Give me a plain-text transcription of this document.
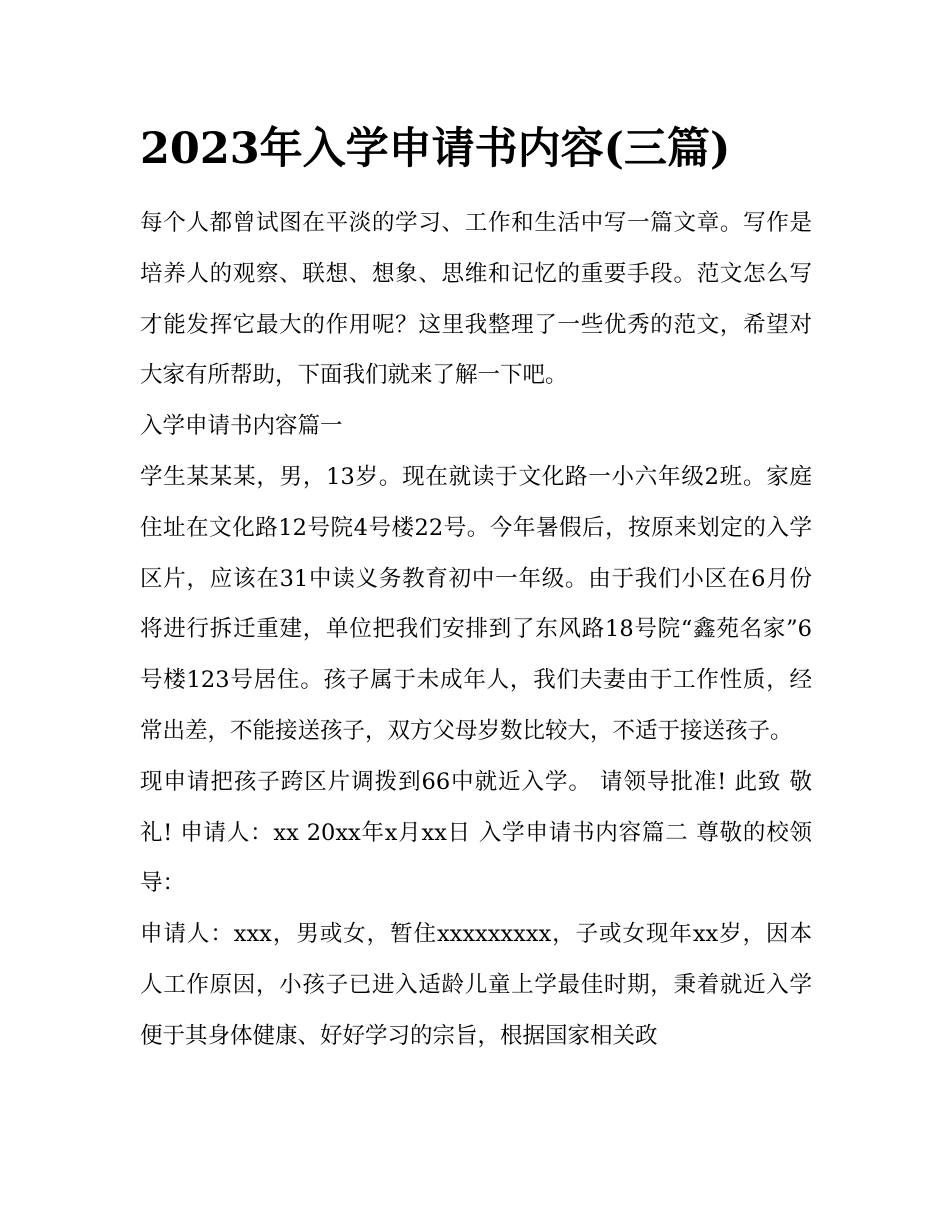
2023年入学申请书内容(三篇)

每个人都曾试图在平淡的学习、工作和生活中写一篇文章。写作是培养人的观察、联想、想象、思维和记忆的重要手段。范文怎么写才能发挥它最大的作用呢？这里我整理了一些优秀的范文，希望对大家有所帮助，下面我们就来了解一下吧。

入学申请书内容篇一

学生某某某，男，13岁。现在就读于文化路一小六年级2班。家庭住址在文化路12号院4号楼22号。今年暑假后，按原来划定的入学区片，应该在31中读义务教育初中一年级。由于我们小区在6月份将进行拆迁重建，单位把我们安排到了东风路18号院“鑫苑名家”6号楼123号居住。孩子属于未成年人，我们夫妻由于工作性质，经常出差，不能接送孩子，双方父母岁数比较大，不适于接送孩子。

现申请把孩子跨区片调拨到66中就近入学。 请领导批准! 此致 敬礼! 申请人：xx 20xx年x月xx日 入学申请书内容篇二 尊敬的校领导：

申请人：xxx，男或女，暂住xxxxxxxxx，子或女现年xx岁，因本人工作原因，小孩子已进入适龄儿童上学最佳时期，秉着就近入学便于其身体健康、好好学习的宗旨，根据国家相关政
